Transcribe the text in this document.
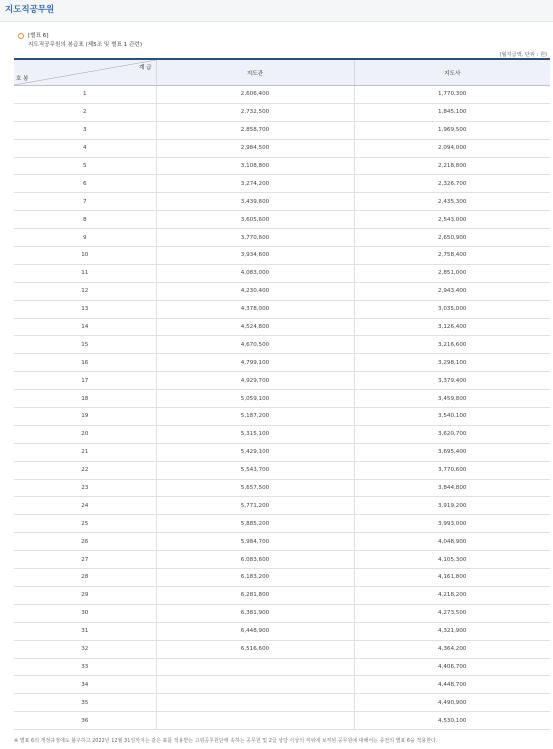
지도직공무원
[별표 6]
지도직공무원의 봉급표 (제5조 및 별표 1 관련)
(월지급액, 단위 : 원)
계 급
호 봉	지도관	지도사
1	2,606,400	1,770,300
2	2,732,500	1,845,100
3	2,858,700	1,969,500
4	2,984,500	2,094,000
5	3,108,800	2,218,800
6	3,274,200	2,326,700
7	3,439,600	2,435,300
8	3,605,600	2,543,000
9	3,770,600	2,650,900
10	3,934,600	2,758,400
11	4,083,000	2,851,000
12	4,230,400	2,943,400
13	4,378,000	3,035,000
14	4,524,800	3,126,400
15	4,670,500	3,216,600
16	4,799,100	3,298,100
17	4,929,700	3,379,400
18	5,059,100	3,459,800
19	5,187,200	3,540,100
20	5,315,100	3,620,700
21	5,429,100	3,695,400
22	5,543,700	3,770,600
23	5,657,500	3,844,800
24	5,771,200	3,919,200
25	5,885,200	3,993,000
26	5,984,700	4,048,900
27	6,083,600	4,105,300
28	6,183,200	4,161,800
29	6,281,800	4,218,200
30	6,381,900	4,273,500
31	6,448,900	4,321,900
32	6,516,600	4,364,200
33		4,406,700
34		4,448,700
35		4,490,900
36		4,530,100
※ 별표 6의 개정규정에도 불구하고 2022년 12월 31일까지는 같은 표를 적용받는 고위공무원단에 속하는 공무원 및 2급 상당 이상의 직위에 보직된 공무원에 대해서는 종전의 별표 6을 적용한다.
